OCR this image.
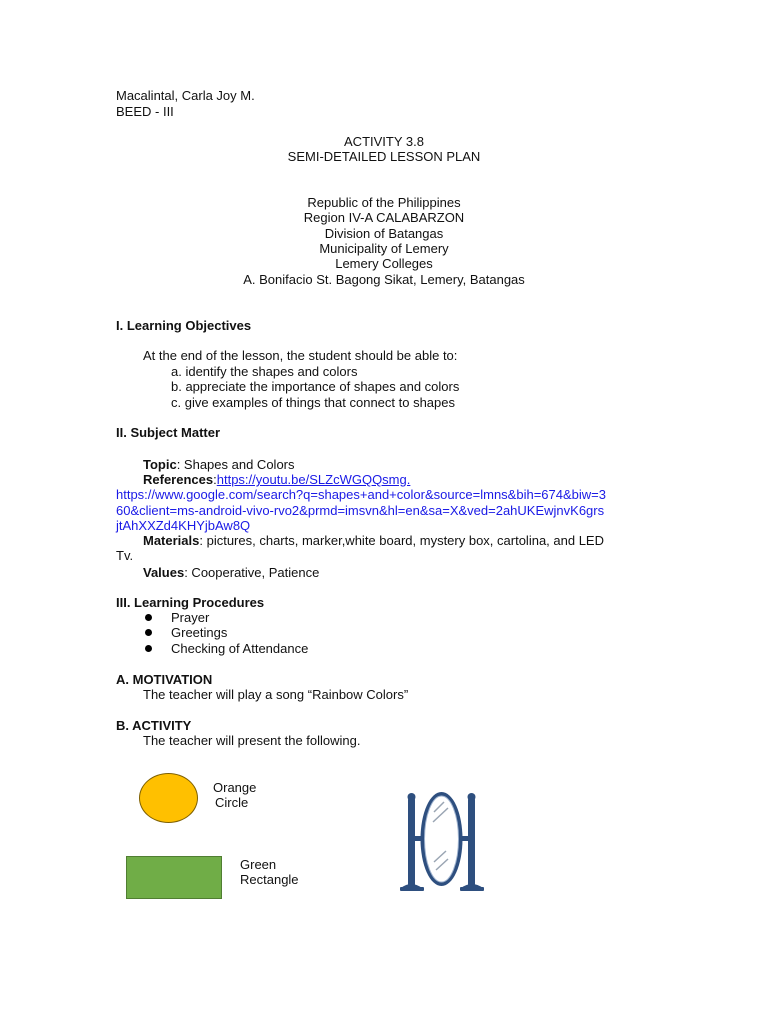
Macalintal, Carla Joy M.
BEED - III
ACTIVITY 3.8
SEMI-DETAILED LESSON PLAN
Republic of the Philippines
Region IV-A CALABARZON
Division of Batangas
Municipality of Lemery
Lemery Colleges
A. Bonifacio St. Bagong Sikat, Lemery, Batangas
I. Learning Objectives
At the end of the lesson, the student should be able to:
a. identify the shapes and colors
b. appreciate the importance of shapes and colors
c. give examples of things that connect to shapes
II. Subject Matter
Topic: Shapes and Colors
References:https://youtu.be/SLZcWGQQsmg.
https://www.google.com/search?q=shapes+and+color&source=lmns&bih=674&biw=3
60&client=ms-android-vivo-rvo2&prmd=imsvn&hl=en&sa=X&ved=2ahUKEwjnvK6grs
jtAhXXZd4KHYjbAw8Q
Materials: pictures, charts, marker,white board, mystery box, cartolina, and LED
Tv.
Values: Cooperative, Patience
III. Learning Procedures
Prayer
Greetings
Checking of Attendance
A. MOTIVATION
The teacher will play a song “Rainbow Colors”
B. ACTIVITY
The teacher will present the following.
Orange
Circle
Green
Rectangle
